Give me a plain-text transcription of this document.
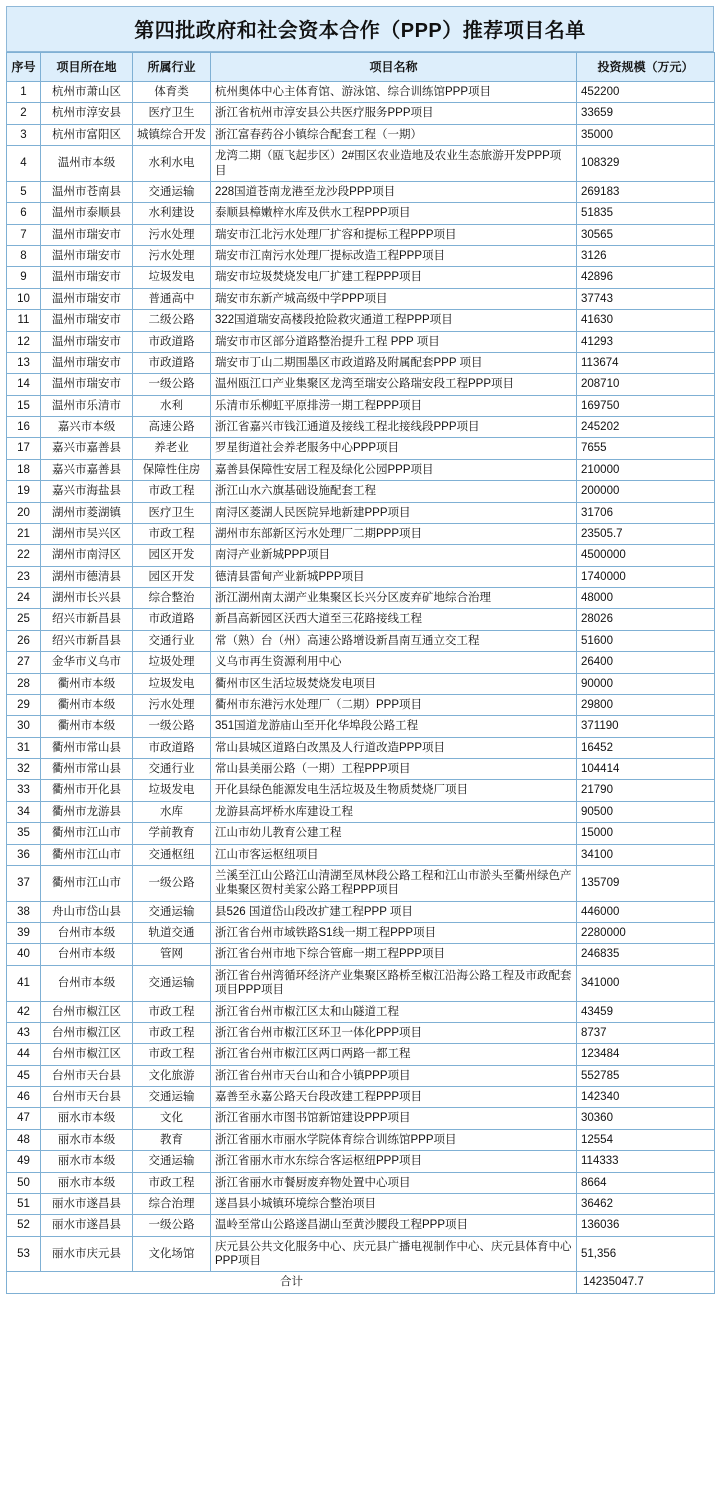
第四批政府和社会资本合作（PPP）推荐项目名单
序号	项目所在地	所属行业	项目名称	投资规模（万元）
1	杭州市萧山区	体育类	杭州奥体中心主体育馆、游泳馆、综合训练馆PPP项目	452200
2	杭州市淳安县	医疗卫生	浙江省杭州市淳安县公共医疗服务PPP项目	33659
3	杭州市富阳区	城镇综合开发	浙江富春药谷小镇综合配套工程（一期）	35000
4	温州市本级	水利水电	龙湾二期（瓯飞起步区）2#围区农业造地及农业生态旅游开发PPP项目	108329
5	温州市苍南县	交通运输	228国道苍南龙港至龙沙段PPP项目	269183
6	温州市泰顺县	水利建设	泰顺县樟嫩梓水库及供水工程PPP项目	51835
7	温州市瑞安市	污水处理	瑞安市江北污水处理厂扩容和提标工程PPP项目	30565
8	温州市瑞安市	污水处理	瑞安市江南污水处理厂提标改造工程PPP项目	3126
9	温州市瑞安市	垃圾发电	瑞安市垃圾焚烧发电厂扩建工程PPP项目	42896
10	温州市瑞安市	普通高中	瑞安市东新产城高级中学PPP项目	37743
11	温州市瑞安市	二级公路	322国道瑞安高楼段抢险救灾通道工程PPP项目	41630
12	温州市瑞安市	市政道路	瑞安市市区部分道路整治提升工程 PPP 项目	41293
13	温州市瑞安市	市政道路	瑞安市丁山二期围墨区市政道路及附属配套PPP 项目	113674
14	温州市瑞安市	一级公路	温州瓯江口产业集聚区龙湾至瑞安公路瑞安段工程PPP项目	208710
15	温州市乐清市	水利	乐清市乐柳虹平原排涝一期工程PPP项目	169750
16	嘉兴市本级	高速公路	浙江省嘉兴市钱江通道及接线工程北接线段PPP项目	245202
17	嘉兴市嘉善县	养老业	罗星街道社会养老服务中心PPP项目	7655
18	嘉兴市嘉善县	保障性住房	嘉善县保障性安居工程及绿化公园PPP项目	210000
19	嘉兴市海盐县	市政工程	浙江山水六旗基础设施配套工程	200000
20	湖州市菱湖镇	医疗卫生	南浔区菱湖人民医院异地新建PPP项目	31706
21	湖州市吴兴区	市政工程	湖州市东部新区污水处理厂二期PPP项目	23505.7
22	湖州市南浔区	园区开发	南浔产业新城PPP项目	4500000
23	湖州市德清县	园区开发	德清县雷甸产业新城PPP项目	1740000
24	湖州市长兴县	综合整治	浙江湖州南太湖产业集聚区长兴分区废弃矿地综合治理	48000
25	绍兴市新昌县	市政道路	新昌高新园区沃西大道至三花路接线工程	28026
26	绍兴市新昌县	交通行业	常（熟）台（州）高速公路增设新昌南互通立交工程	51600
27	金华市义乌市	垃圾处理	义乌市再生资源利用中心	26400
28	衢州市本级	垃圾发电	衢州市区生活垃圾焚烧发电项目	90000
29	衢州市本级	污水处理	衢州市东港污水处理厂（二期）PPP项目	29800
30	衢州市本级	一级公路	351国道龙游庙山至开化华埠段公路工程	371190
31	衢州市常山县	市政道路	常山县城区道路白改黑及人行道改造PPP项目	16452
32	衢州市常山县	交通行业	常山县美丽公路（一期）工程PPP项目	104414
33	衢州市开化县	垃圾发电	开化县绿色能源发电生活垃圾及生物质焚烧厂项目	21790
34	衢州市龙游县	水库	龙游县高坪桥水库建设工程	90500
35	衢州市江山市	学前教育	江山市幼儿教育公建工程	15000
36	衢州市江山市	交通枢纽	江山市客运枢纽项目	34100
37	衢州市江山市	一级公路	兰溪至江山公路江山清湖至凤林段公路工程和江山市淤头至衢州绿色产业集聚区贺村美家公路工程PPP项目	135709
38	舟山市岱山县	交通运输	县526 国道岱山段改扩建工程PPP 项目	446000
39	台州市本级	轨道交通	浙江省台州市域铁路S1线一期工程PPP项目	2280000
40	台州市本级	管网	浙江省台州市地下综合管廊一期工程PPP项目	246835
41	台州市本级	交通运输	浙江省台州湾循环经济产业集聚区路桥至椒江沿海公路工程及市政配套项目PPP项目	341000
42	台州市椒江区	市政工程	浙江省台州市椒江区太和山隧道工程	43459
43	台州市椒江区	市政工程	浙江省台州市椒江区环卫一体化PPP项目	8737
44	台州市椒江区	市政工程	浙江省台州市椒江区两口两路一都工程	123484
45	台州市天台县	文化旅游	浙江省台州市天台山和合小镇PPP项目	552785
46	台州市天台县	交通运输	嘉善至永嘉公路天台段改建工程PPP项目	142340
47	丽水市本级	文化	浙江省丽水市图书馆新馆建设PPP项目	30360
48	丽水市本级	教育	浙江省丽水市丽水学院体育综合训练馆PPP项目	12554
49	丽水市本级	交通运输	浙江省丽水市水东综合客运枢纽PPP项目	114333
50	丽水市本级	市政工程	浙江省丽水市餐厨废弃物处置中心项目	8664
51	丽水市遂昌县	综合治理	遂昌县小城镇环境综合整治项目	36462
52	丽水市遂昌县	一级公路	温岭至常山公路遂昌湖山至黄沙腰段工程PPP项目	136036
53	丽水市庆元县	文化场馆	庆元县公共文化服务中心、庆元县广播电视制作中心、庆元县体育中心PPP项目	51,356
合计				14235047.7
